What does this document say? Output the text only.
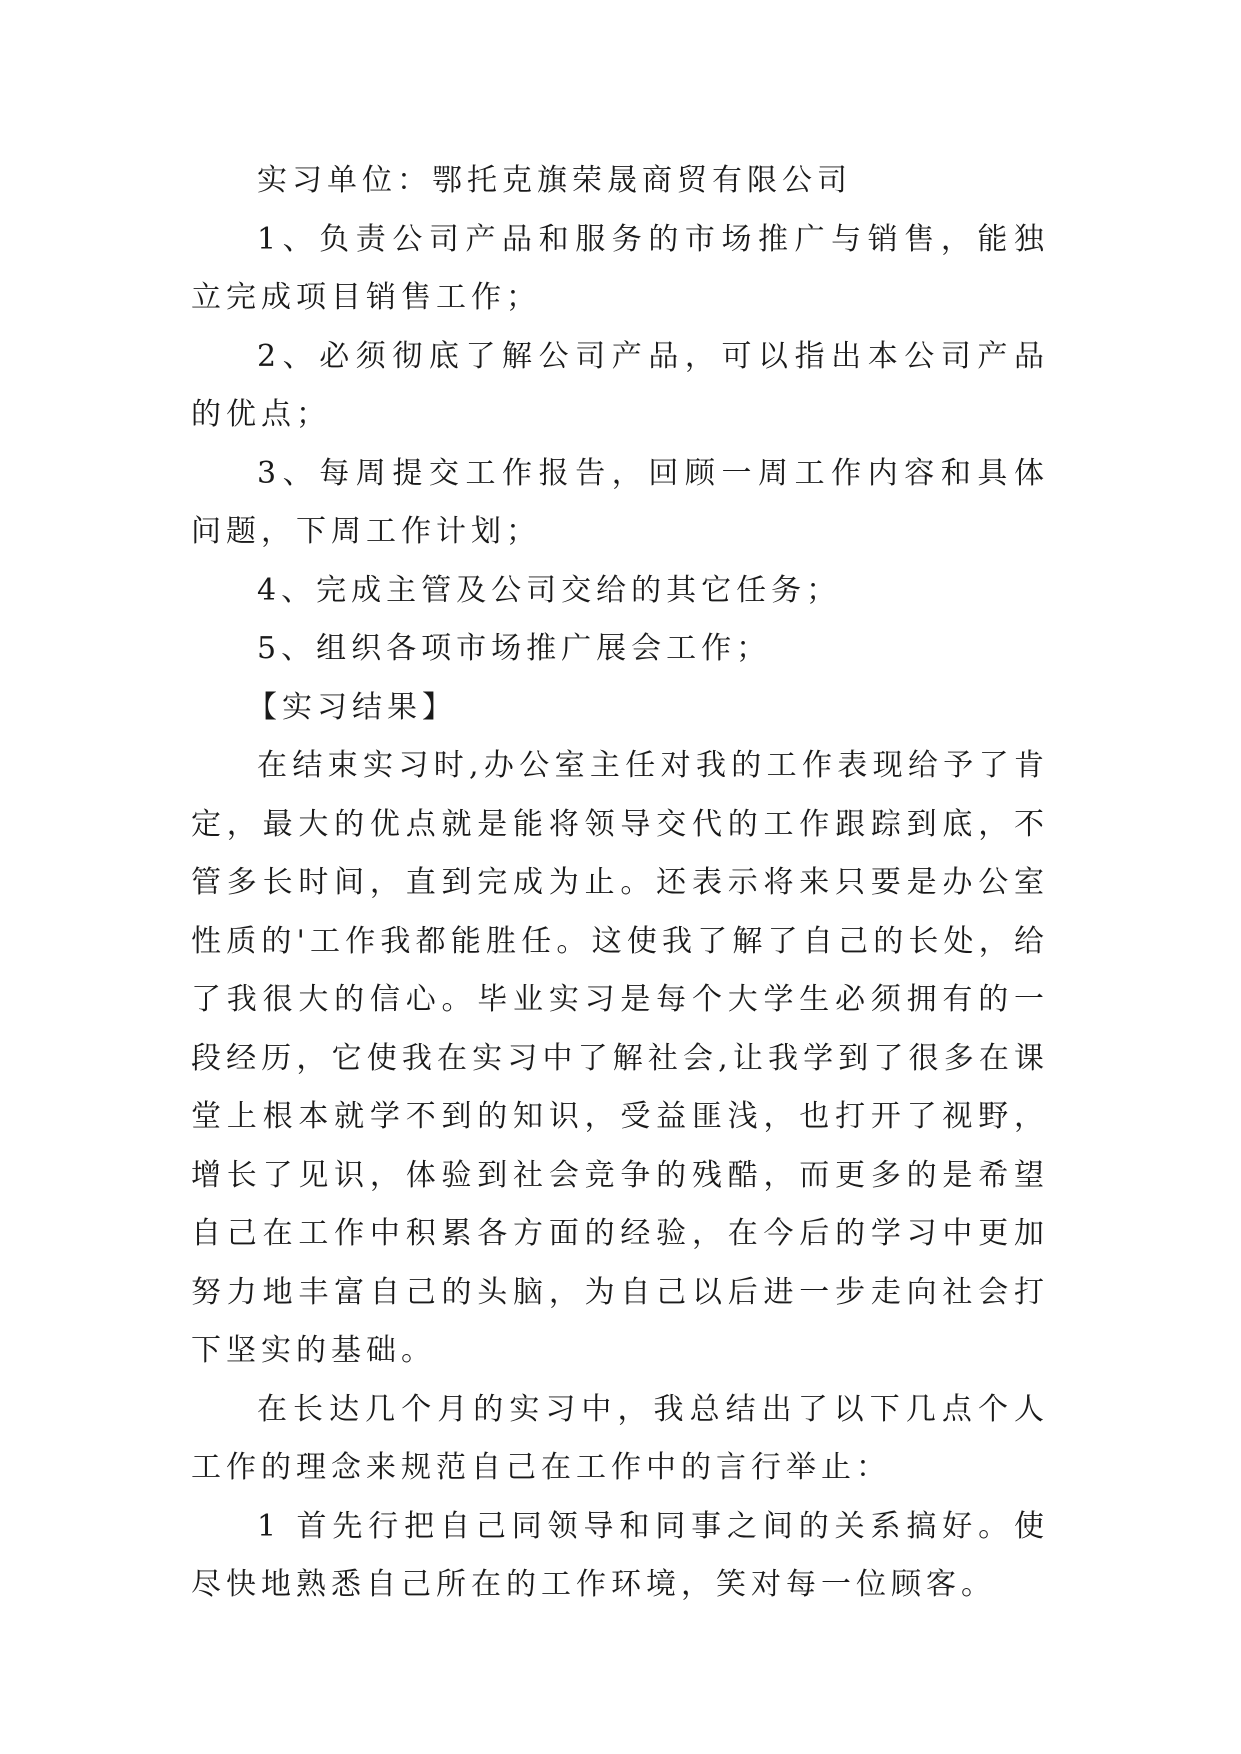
实习单位：鄂托克旗荣晟商贸有限公司

1、负责公司产品和服务的市场推广与销售，能独立完成项目销售工作；

2、必须彻底了解公司产品，可以指出本公司产品的优点；

3、每周提交工作报告，回顾一周工作内容和具体问题，下周工作计划；

4、完成主管及公司交给的其它任务；

5、组织各项市场推广展会工作；

【实习结果】

在结束实习时,办公室主任对我的工作表现给予了肯定，最大的优点就是能将领导交代的工作跟踪到底，不管多长时间，直到完成为止。还表示将来只要是办公室性质的'工作我都能胜任。这使我了解了自己的长处，给了我很大的信心。毕业实习是每个大学生必须拥有的一段经历，它使我在实习中了解社会,让我学到了很多在课堂上根本就学不到的知识，受益匪浅，也打开了视野，增长了见识，体验到社会竞争的残酷，而更多的是希望自己在工作中积累各方面的经验，在今后的学习中更加努力地丰富自己的头脑，为自己以后进一步走向社会打下坚实的基础。

在长达几个月的实习中，我总结出了以下几点个人工作的理念来规范自己在工作中的言行举止：

1 首先行把自己同领导和同事之间的关系搞好。使尽快地熟悉自己所在的工作环境，笑对每一位顾客。
